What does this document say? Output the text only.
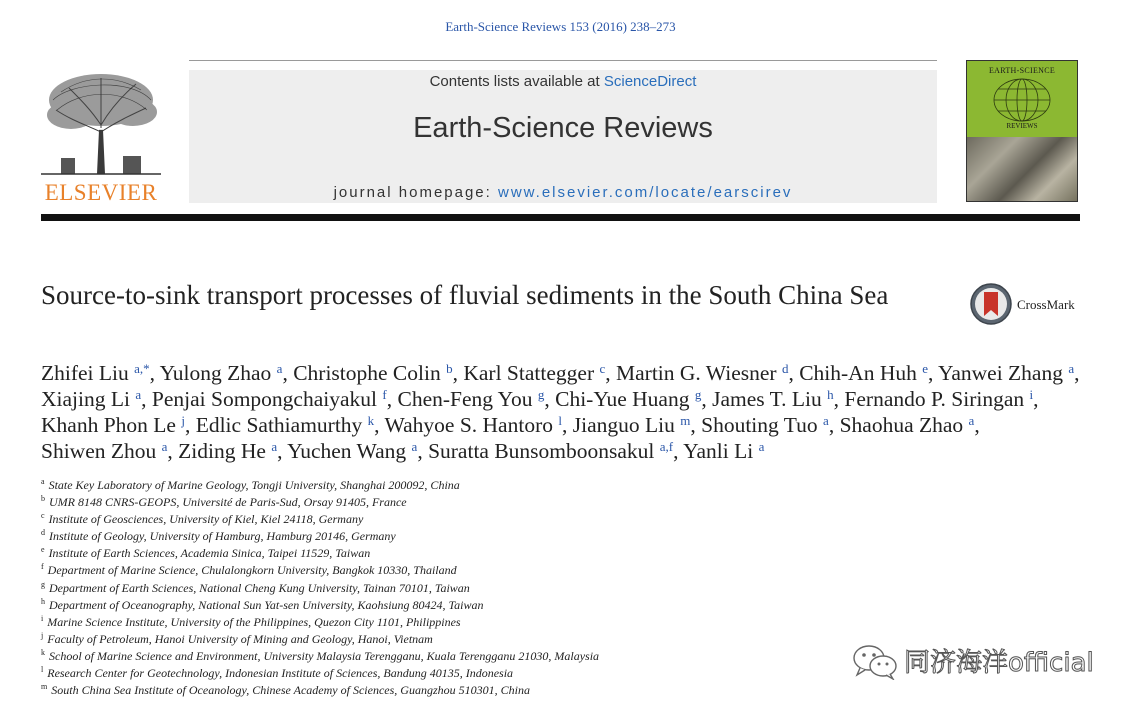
Earth-Science Reviews 153 (2016) 238–273
ELSEVIER
Contents lists available at ScienceDirect
Earth-Science Reviews
journal homepage: www.elsevier.com/locate/earscirev
EARTH-SCIENCE
REVIEWS
Source-to-sink transport processes of fluvial sediments in the South China Sea	CrossMark
Zhifei Liu $^{a,*}$, Yulong Zhao $^a$, Christophe Colin $^b$, Karl Stattegger $^c$, Martin G. Wiesner $^d$, Chih-An Huh $^e$, Yanwei Zhang $^a$, Xiajing Li $^a$, Penjai Sompongchaiyakul $^f$, Chen-Feng You $^g$, Chi-Yue Huang $^g$, James T. Liu $^h$, Fernando P. Siringan $^i$, Khanh Phon Le $^j$, Edlic Sathiamurthy $^k$, Wahyoe S. Hantoro $^l$, Jianguo Liu $^m$, Shouting Tuo $^a$, Shaohua Zhao $^a$, Shiwen Zhou $^a$, Ziding He $^a$, Yuchen Wang $^a$, Suratta Bunsomboonsakul $^{a,f}$, Yanli Li $^a$
$^a$ State Key Laboratory of Marine Geology, Tongji University, Shanghai 200092, China
$^b$ UMR 8148 CNRS-GEOPS, Université de Paris-Sud, Orsay 91405, France
$^c$ Institute of Geosciences, University of Kiel, Kiel 24118, Germany
$^d$ Institute of Geology, University of Hamburg, Hamburg 20146, Germany
$^e$ Institute of Earth Sciences, Academia Sinica, Taipei 11529, Taiwan
$^f$ Department of Marine Science, Chulalongkorn University, Bangkok 10330, Thailand
$^g$ Department of Earth Sciences, National Cheng Kung University, Tainan 70101, Taiwan
$^h$ Department of Oceanography, National Sun Yat-sen University, Kaohsiung 80424, Taiwan
$^i$ Marine Science Institute, University of the Philippines, Quezon City 1101, Philippines
$^j$ Faculty of Petroleum, Hanoi University of Mining and Geology, Hanoi, Vietnam
$^k$ School of Marine Science and Environment, University Malaysia Terengganu, Kuala Terengganu 21030, Malaysia
$^l$ Research Center for Geotechnology, Indonesian Institute of Sciences, Bandung 40135, Indonesia
$^m$ South China Sea Institute of Oceanology, Chinese Academy of Sciences, Guangzhou 510301, China
同济海洋official
